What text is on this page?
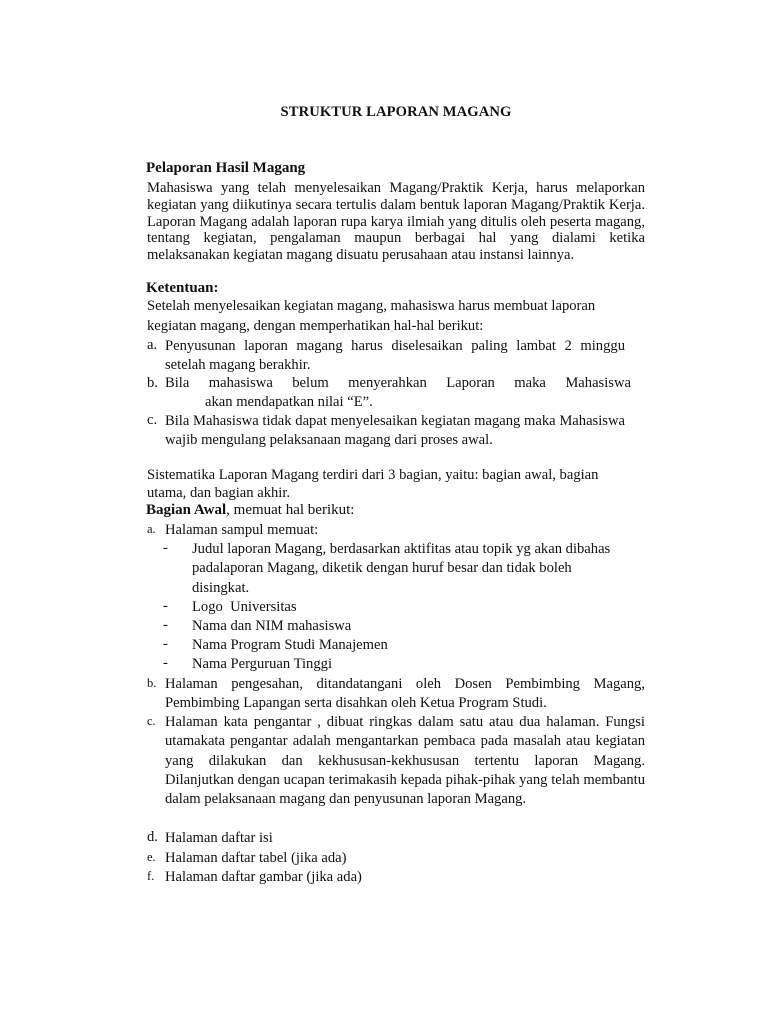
STRUKTUR LAPORAN MAGANG
Pelaporan Hasil Magang
Mahasiswa yang telah menyelesaikan Magang/Praktik Kerja, harus melaporkan kegiatan yang diikutinya secara tertulis dalam bentuk laporan Magang/Praktik Kerja. Laporan Magang adalah laporan rupa karya ilmiah yang ditulis oleh peserta magang, tentang kegiatan, pengalaman maupun berbagai hal yang dialami ketika melaksanakan kegiatan magang disuatu perusahaan atau instansi lainnya.
Ketentuan:
Setelah menyelesaikan kegiatan magang, mahasiswa harus membuat laporan
kegiatan magang, dengan memperhatikan hal-hal berikut:
a. Penyusunan laporan magang harus diselesaikan paling lambat 2 minggu setelah magang berakhir.
b. Bila mahasiswa belum menyerahkan Laporan maka Mahasiswa
akan mendapatkan nilai “E”.
c. Bila Mahasiswa tidak dapat menyelesaikan kegiatan magang maka Mahasiswa wajib mengulang pelaksanaan magang dari proses awal.
Sistematika Laporan Magang terdiri dari 3 bagian, yaitu: bagian awal, bagian
utama, dan bagian akhir.
Bagian Awal, memuat hal berikut:
a. Halaman sampul memuat:
- Judul laporan Magang, berdasarkan aktifitas atau topik yg akan dibahas padalaporan Magang, diketik dengan huruf besar dan tidak boleh disingkat.
- Logo  Universitas
- Nama dan NIM mahasiswa
- Nama Program Studi Manajemen
- Nama Perguruan Tinggi
b. Halaman pengesahan, ditandatangani oleh Dosen Pembimbing Magang, Pembimbing Lapangan serta disahkan oleh Ketua Program Studi.
c. Halaman kata pengantar , dibuat ringkas dalam satu atau dua halaman. Fungsi utamakata pengantar adalah mengantarkan pembaca pada masalah atau kegiatan yang dilakukan dan kekhususan-kekhususan tertentu laporan Magang. Dilanjutkan dengan ucapan terimakasih kepada pihak-pihak yang telah membantu dalam pelaksanaan magang dan penyusunan laporan Magang.
d. Halaman daftar isi
e. Halaman daftar tabel (jika ada)
f. Halaman daftar gambar (jika ada)
